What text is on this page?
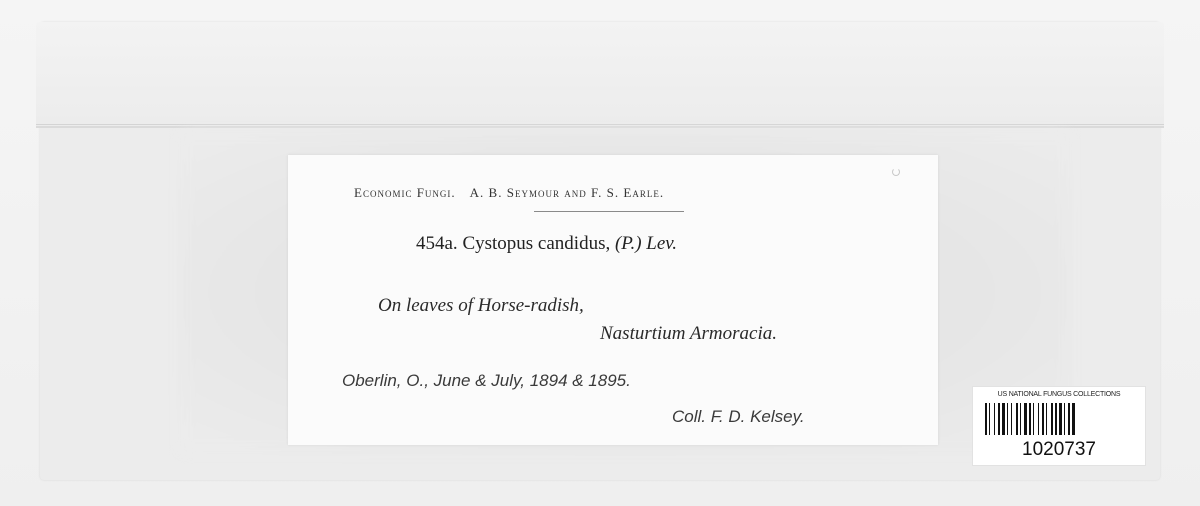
Economic Fungi. A. B. Seymour and F. S. Earle.
454a. Cystopus candidus, (P.) Lev.
On leaves of Horse-radish,
Nasturtium Armoracia.
Oberlin, O., June & July, 1894 & 1895.
Coll. F. D. Kelsey.
US NATIONAL FUNGUS COLLECTIONS
1020737
